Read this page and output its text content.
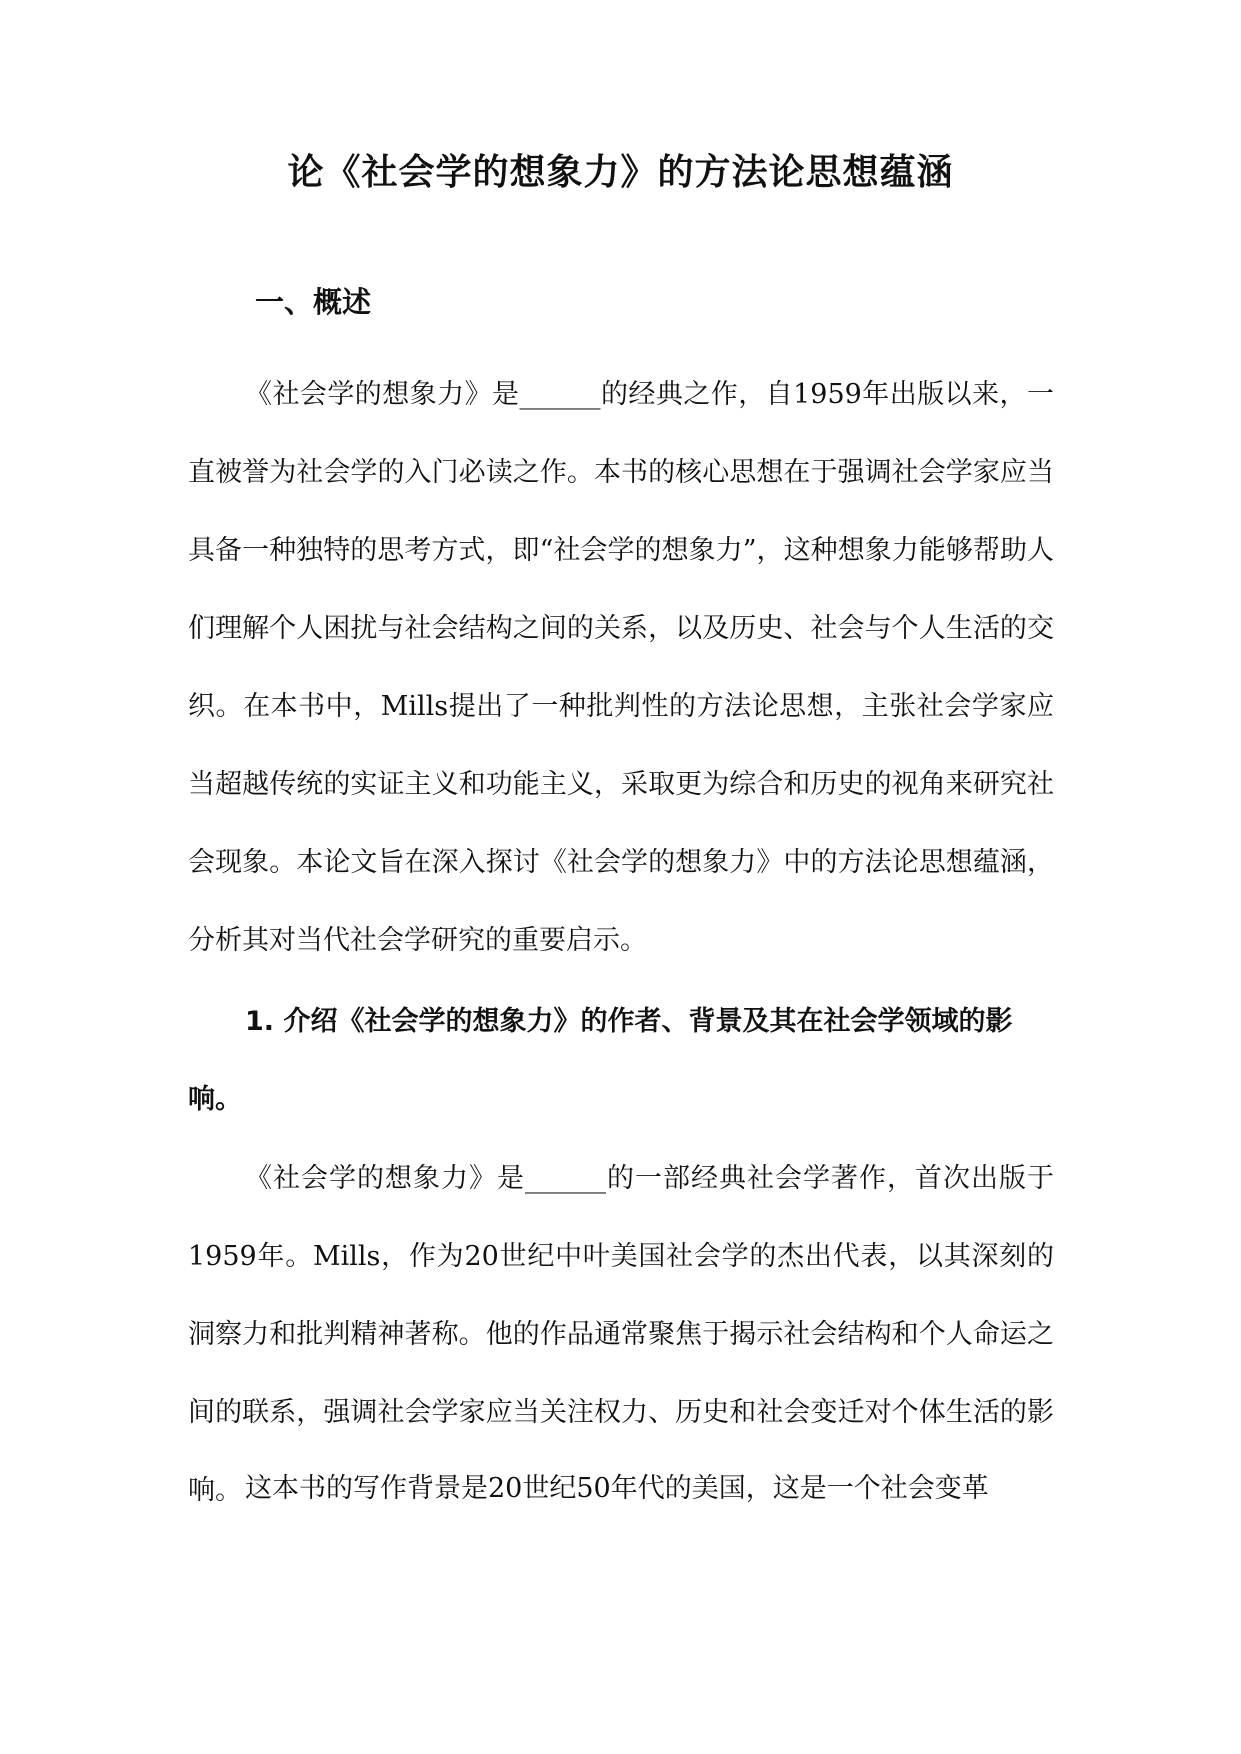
论《社会学的想象力》的方法论思想蕴涵
一、概述

《社会学的想象力》是______的经典之作，自1959年出版以来，一直被誉为社会学的入门必读之作。本书的核心思想在于强调社会学家应当具备一种独特的思考方式，即“社会学的想象力”，这种想象力能够帮助人们理解个人困扰与社会结构之间的关系，以及历史、社会与个人生活的交织。在本书中，Mills提出了一种批判性的方法论思想，主张社会学家应当超越传统的实证主义和功能主义，采取更为综合和历史的视角来研究社会现象。本论文旨在深入探讨《社会学的想象力》中的方法论思想蕴涵，分析其对当代社会学研究的重要启示。

1. 介绍《社会学的想象力》的作者、背景及其在社会学领域的影响。

《社会学的想象力》是______的一部经典社会学著作，首次出版于1959年。Mills，作为20世纪中叶美国社会学的杰出代表，以其深刻的洞察力和批判精神著称。他的作品通常聚焦于揭示社会结构和个人命运之间的联系，强调社会学家应当关注权力、历史和社会变迁对个体生活的影响。 这本书的写作背景是20世纪50年代的美国，这是一个社会变革
